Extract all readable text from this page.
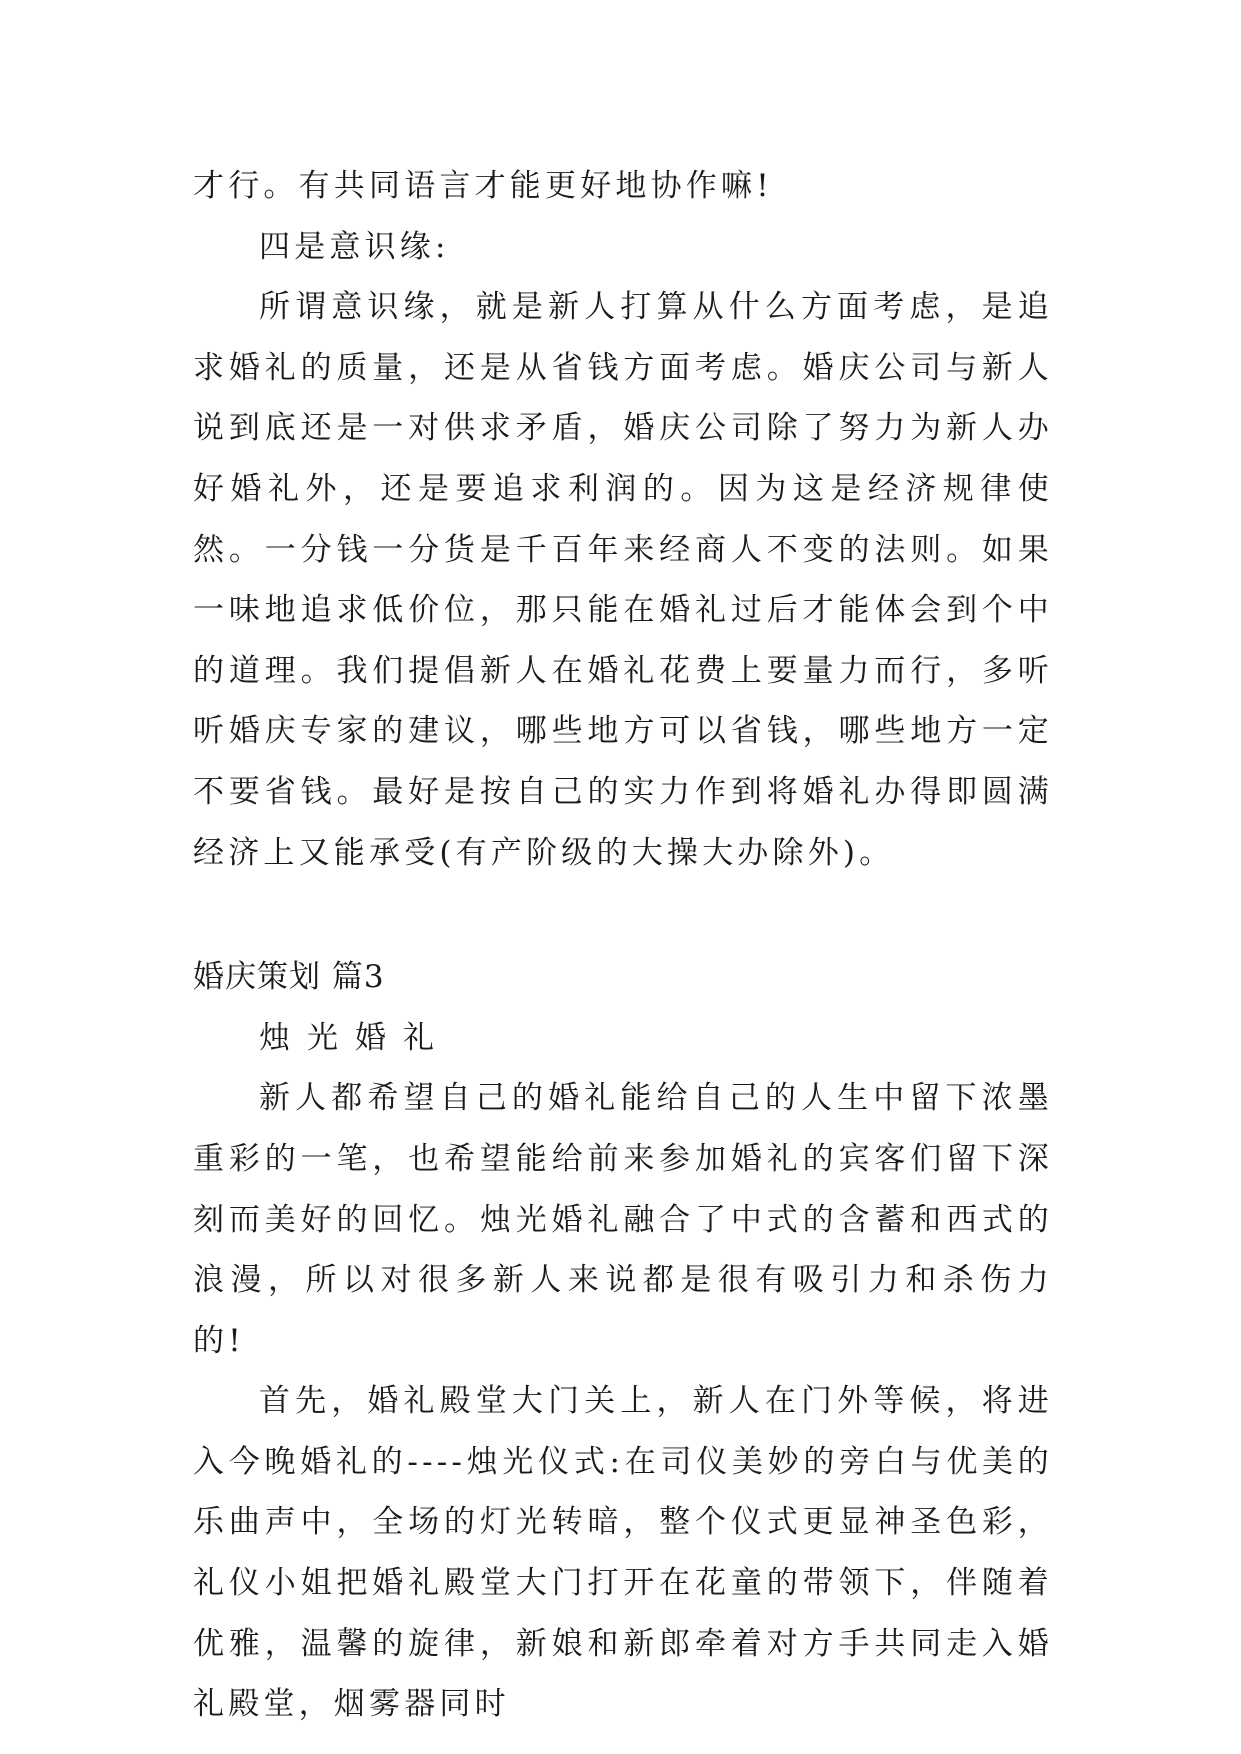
才行。有共同语言才能更好地协作嘛!

四是意识缘:

所谓意识缘，就是新人打算从什么方面考虑，是追求婚礼的质量，还是从省钱方面考虑。婚庆公司与新人说到底还是一对供求矛盾，婚庆公司除了努力为新人办好婚礼外，还是要追求利润的。因为这是经济规律使然。一分钱一分货是千百年来经商人不变的法则。如果一味地追求低价位，那只能在婚礼过后才能体会到个中的道理。我们提倡新人在婚礼花费上要量力而行，多听听婚庆专家的建议，哪些地方可以省钱，哪些地方一定不要省钱。最好是按自己的实力作到将婚礼办得即圆满经济上又能承受(有产阶级的大操大办除外)。

婚庆策划 篇3

烛光婚礼

新人都希望自己的婚礼能给自己的人生中留下浓墨重彩的一笔，也希望能给前来参加婚礼的宾客们留下深刻而美好的回忆。烛光婚礼融合了中式的含蓄和西式的浪漫，所以对很多新人来说都是很有吸引力和杀伤力的!

首先，婚礼殿堂大门关上，新人在门外等候，将进入今晚婚礼的----烛光仪式:在司仪美妙的旁白与优美的乐曲声中，全场的灯光转暗，整个仪式更显神圣色彩，礼仪小姐把婚礼殿堂大门打开在花童的带领下，伴随着优雅，温馨的旋律，新娘和新郎牵着对方手共同走入婚礼殿堂，烟雾器同时
